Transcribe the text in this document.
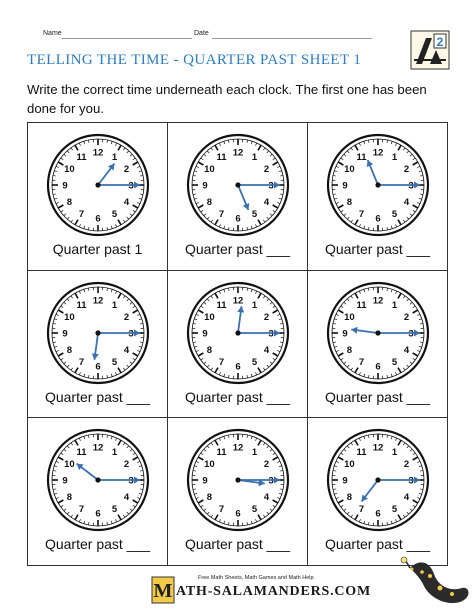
Name	Date
TELLING THE TIME - QUARTER PAST SHEET 1
2
Write the correct time underneath each clock. The first one has been done for you.
12 1
2
3
4
5
6
7
8
9
10
11
Quarter past 1
12 1
2
3
4
5
6
7
8
9
10
11
Quarter past ___
12 1
2
3
4
5
6
7
8
9
10
11
Quarter past ___
12 1
2
3
4
5
6
7
8
9
10
11
Quarter past ___
12 1
2
3
4
5
6
7
8
9
10
11
Quarter past ___
12 1
2
3
4
5
6
7
8
9
10
11
Quarter past ___
12 1
2
3
4
5
6
7
8
9
10
11
Quarter past ___
12 1
2
3
4
5
6
7
8
9
10
11
Quarter past ___
12 1
2
3
4
5
6
7
8
9
10
11
Quarter past ___
M
Free Math Sheets, Math Games and Math Help
ATH-SALAMANDERS.COM
